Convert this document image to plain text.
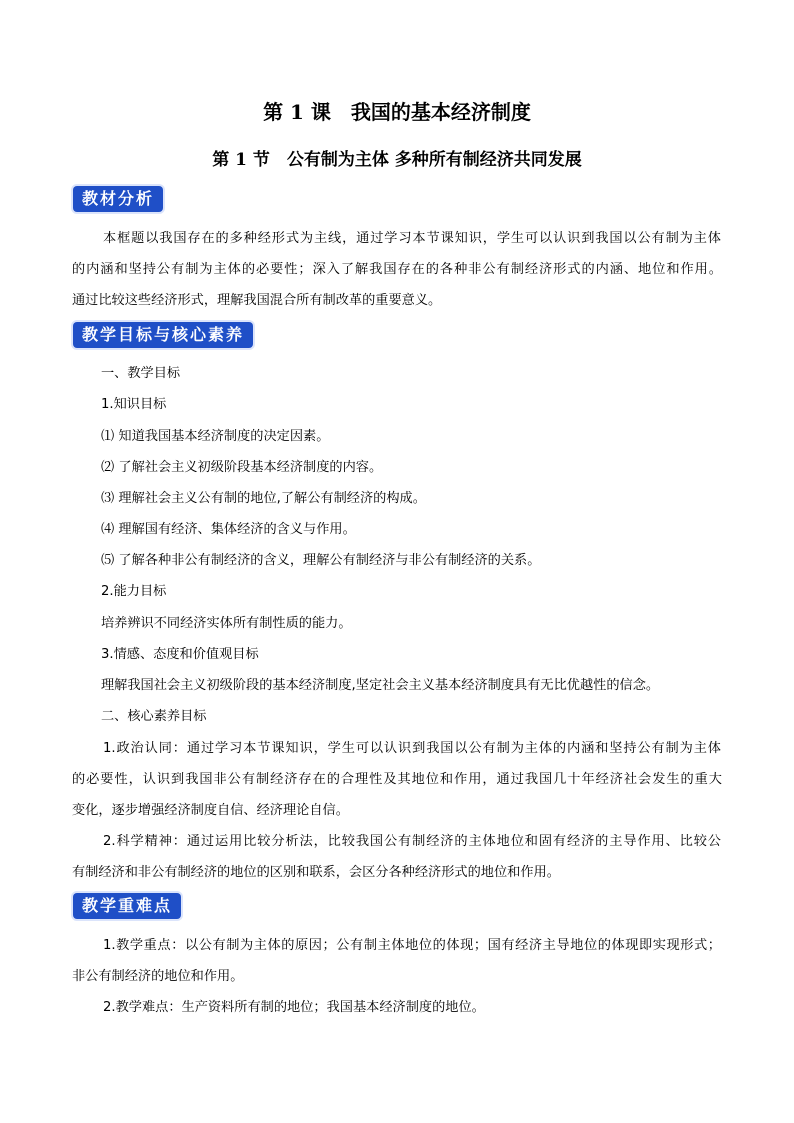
第 1 课　我国的基本经济制度
第 1 节　公有制为主体 多种所有制经济共同发展
教材分析
本框题以我国存在的多种经形式为主线，通过学习本节课知识，学生可以认识到我国以公有制为主体
的内涵和坚持公有制为主体的必要性；深入了解我国存在的各种非公有制经济形式的内涵、地位和作用。
通过比较这些经济形式，理解我国混合所有制改革的重要意义。
教学目标与核心素养
一、教学目标
1.知识目标
⑴ 知道我国基本经济制度的决定因素。
⑵ 了解社会主义初级阶段基本经济制度的内容。
⑶ 理解社会主义公有制的地位,了解公有制经济的构成。
⑷ 理解国有经济、集体经济的含义与作用。
⑸ 了解各种非公有制经济的含义，理解公有制经济与非公有制经济的关系。
2.能力目标
培养辨识不同经济实体所有制性质的能力。
3.情感、态度和价值观目标
理解我国社会主义初级阶段的基本经济制度,坚定社会主义基本经济制度具有无比优越性的信念。
二、核心素养目标
1.政治认同：通过学习本节课知识，学生可以认识到我国以公有制为主体的内涵和坚持公有制为主体
的必要性，认识到我国非公有制经济存在的合理性及其地位和作用，通过我国几十年经济社会发生的重大
变化，逐步增强经济制度自信、经济理论自信。
2.科学精神：通过运用比较分析法，比较我国公有制经济的主体地位和固有经济的主导作用、比较公
有制经济和非公有制经济的地位的区别和联系，会区分各种经济形式的地位和作用。
教学重难点
1.教学重点：以公有制为主体的原因；公有制主体地位的体现；国有经济主导地位的体现即实现形式；
非公有制经济的地位和作用。
2.教学难点：生产资料所有制的地位；我国基本经济制度的地位。
